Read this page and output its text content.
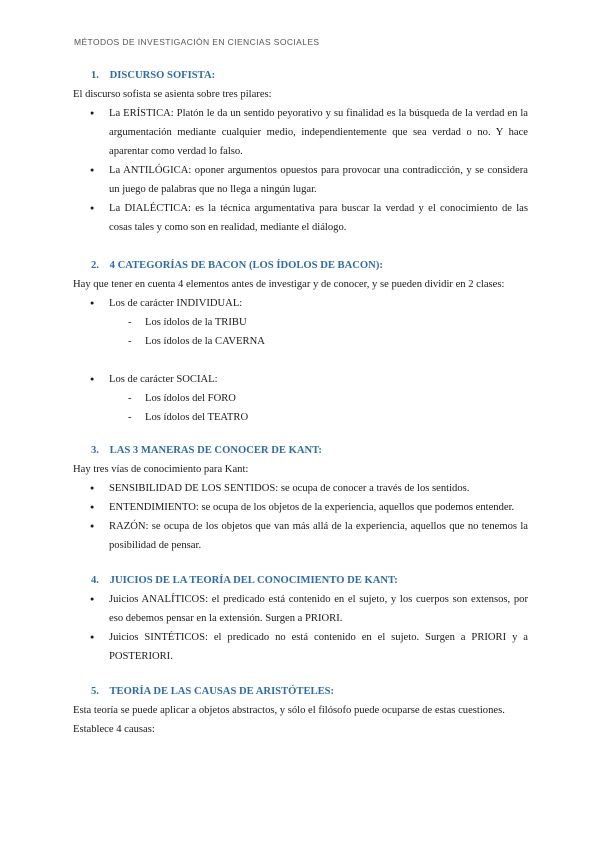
MÉTODOS DE INVESTIGACIÓN EN CIENCIAS SOCIALES
1. DISCURSO SOFISTA:

El discurso sofista se asienta sobre tres pilares:

● La ERÍSTICA: Platón le da un sentido peyorativo y su finalidad es la búsqueda de la verdad en la argumentación mediante cualquier medio, independientemente que sea verdad o no. Y hace aparentar como verdad lo falso.
● La ANTILÓGICA: oponer argumentos opuestos para provocar una contradicción, y se considera un juego de palabras que no llega a ningún lugar.
● La DIALÉCTICA: es la técnica argumentativa para buscar la verdad y el conocimiento de las cosas tales y como son en realidad, mediante el diálogo.
2. 4 CATEGORÍAS DE BACON (LOS ÍDOLOS DE BACON):

Hay que tener en cuenta 4 elementos antes de investigar y de conocer, y se pueden dividir en 2 clases:

● Los de carácter INDIVIDUAL:
- Los ídolos de la TRIBU
- Los ídolos de la CAVERNA
● Los de carácter SOCIAL:
- Los ídolos del FORO
- Los ídolos del TEATRO
3. LAS 3 MANERAS DE CONOCER DE KANT:

Hay tres vías de conocimiento para Kant:

● SENSIBILIDAD DE LOS SENTIDOS: se ocupa de conocer a través de los sentidos.
● ENTENDIMIENTO: se ocupa de los objetos de la experiencia, aquellos que podemos entender.
● RAZÓN: se ocupa de los objetos que van más allá de la experiencia, aquellos que no tenemos la posibilidad de pensar.
4. JUICIOS DE LA TEORÍA DEL CONOCIMIENTO DE KANT:
● Juicios ANALÍTICOS: el predicado está contenido en el sujeto, y los cuerpos son extensos, por eso debemos pensar en la extensión. Surgen a PRIORI.
● Juicios SINTÉTICOS: el predicado no está contenido en el sujeto. Surgen a PRIORI y a POSTERIORI.
5. TEORÍA DE LAS CAUSAS DE ARISTÓTELES:

Esta teoría se puede aplicar a objetos abstractos, y sólo el filósofo puede ocuparse de estas cuestiones.

Establece 4 causas:
